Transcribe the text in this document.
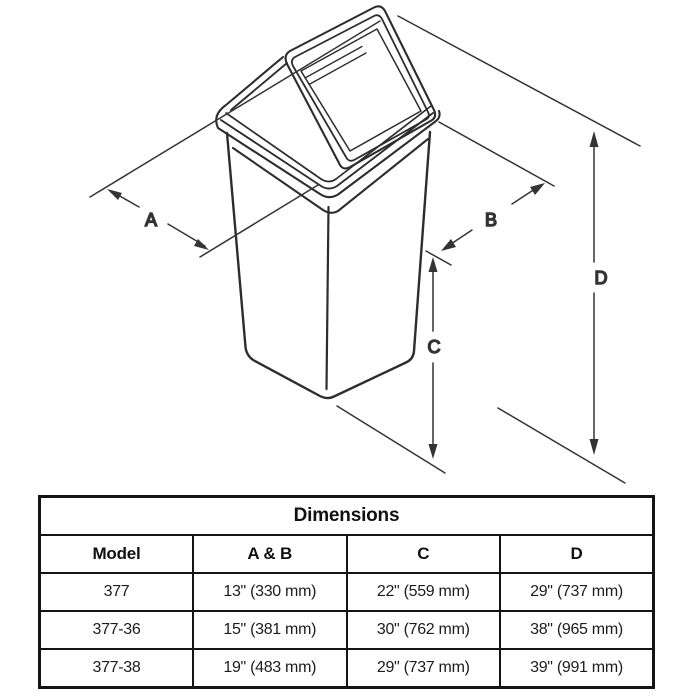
A	B
C
D
Dimensions			
Model	A & B	C	D
377	13" (330 mm)	22" (559 mm)	29" (737 mm)
377-36	15" (381 mm)	30" (762 mm)	38" (965 mm)
377-38	19" (483 mm)	29" (737 mm)	39" (991 mm)
